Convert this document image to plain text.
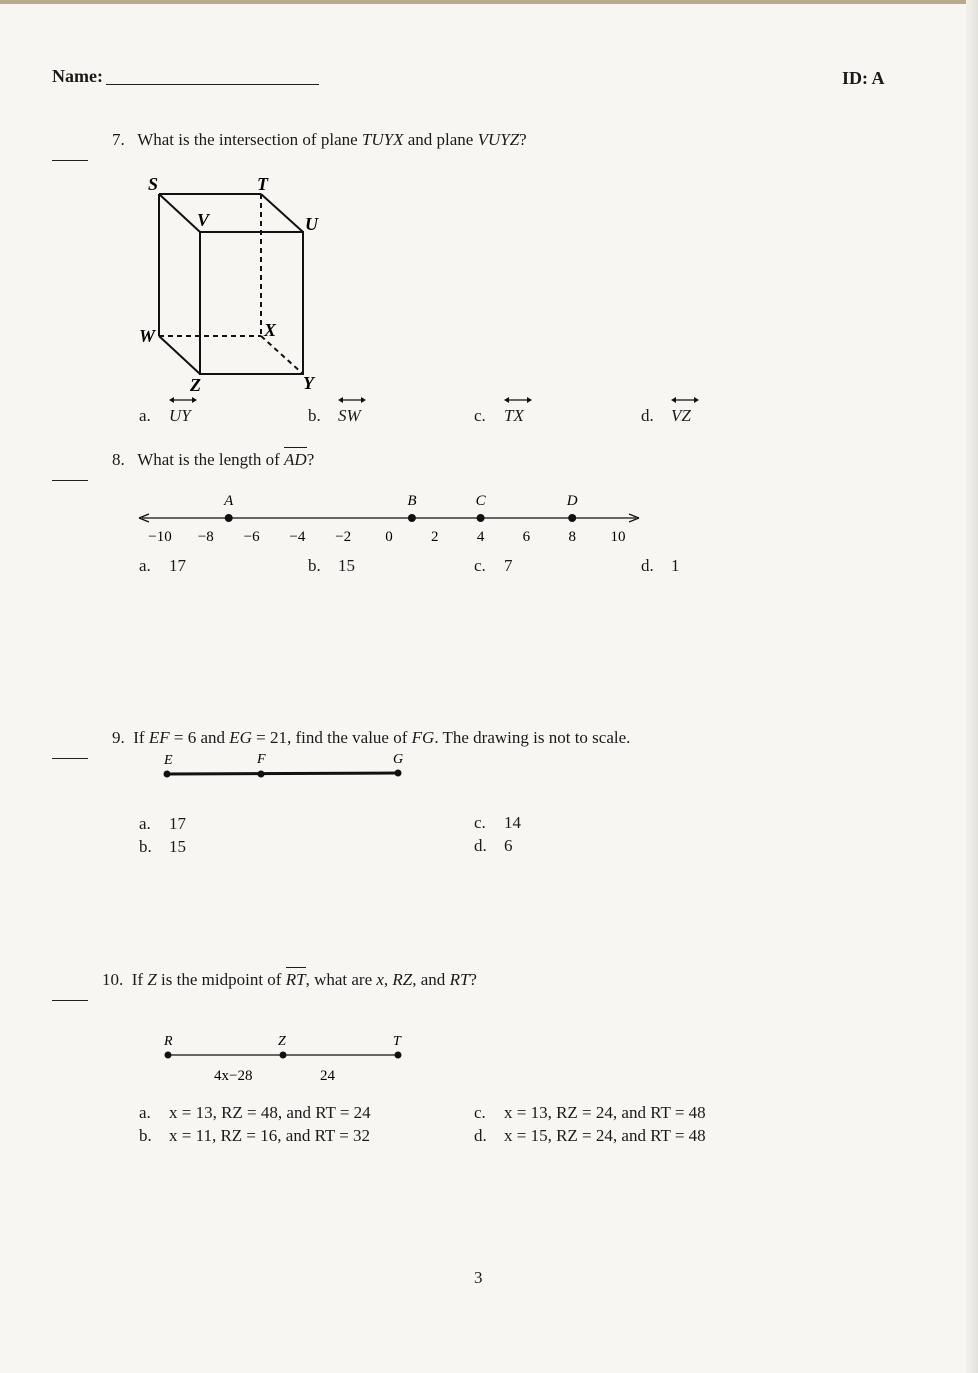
Name:	ID: A
7. What is the intersection of plane TUYX and plane VUYZ?
S	T
V	U
W	X
Z	Y
a. UY	b. SW	c. TX	d. VZ
8. What is the length of AD?
−10 −8 −6 −4 −2 0	2	4	6	8 10
A	B	C	D
a. 17	b. 15	c. 7	d. 1
9. If EF = 6 and EG = 21, find the value of FG. The drawing is not to scale.
E	F	G
a. 17
b. 15
c. 14
d. 6
10. If Z is the midpoint of RT, what are x, RZ, and RT?
R	Z	T
4x−28	24
a. x = 13, RZ = 48, and RT = 24
b. x = 11, RZ = 16, and RT = 32
c. x = 13, RZ = 24, and RT = 48
d. x = 15, RZ = 24, and RT = 48
3
